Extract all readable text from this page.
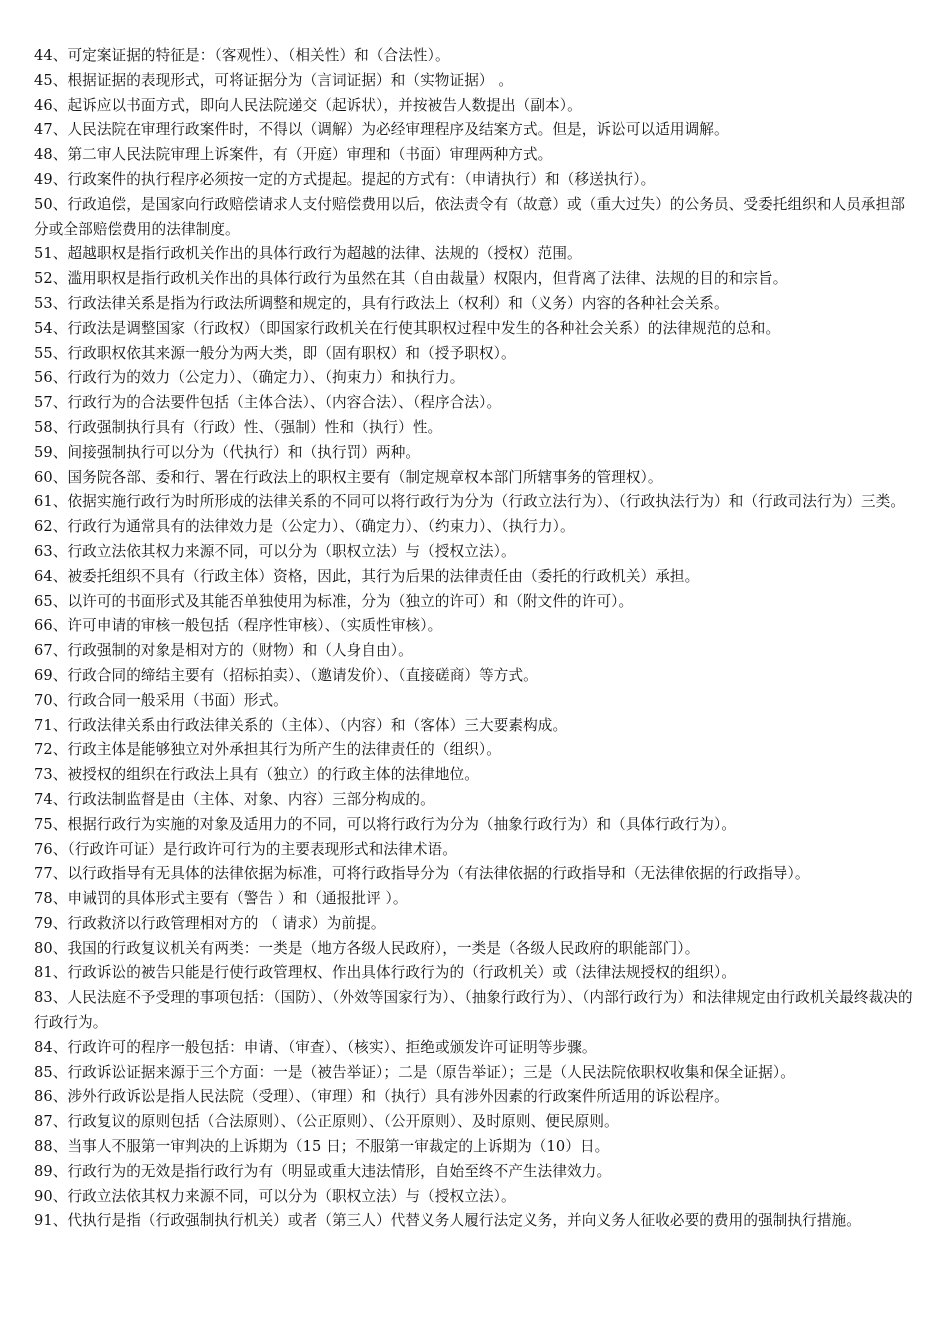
44、可定案证据的特征是：（客观性）、（相关性）和（合法性）。

45、根据证据的表现形式，可将证据分为（言词证据）和（实物证据） 。

46、起诉应以书面方式，即向人民法院递交（起诉状），并按被告人数提出（副本）。

47、人民法院在审理行政案件时，不得以（调解）为必经审理程序及结案方式。但是，诉讼可以适用调解。

48、第二审人民法院审理上诉案件，有（开庭）审理和（书面）审理两种方式。

49、行政案件的执行程序必须按一定的方式提起。提起的方式有：（申请执行）和（移送执行）。

50、行政追偿，是国家向行政赔偿请求人支付赔偿费用以后，依法责令有（故意）或（重大过失）的公务员、受委托组织和人员承担部分或全部赔偿费用的法律制度。

51、超越职权是指行政机关作出的具体行政行为超越的法律、法规的（授权）范围。

52、滥用职权是指行政机关作出的具体行政行为虽然在其（自由裁量）权限内，但背离了法律、法规的目的和宗旨。

53、行政法律关系是指为行政法所调整和规定的，具有行政法上（权利）和（义务）内容的各种社会关系。

54、行政法是调整国家（行政权）（即国家行政机关在行使其职权过程中发生的各种社会关系）的法律规范的总和。

55、行政职权依其来源一般分为两大类，即（固有职权）和（授予职权）。

56、行政行为的效力（公定力）、（确定力）、（拘束力）和执行力。

57、行政行为的合法要件包括（主体合法）、（内容合法）、（程序合法）。

58、行政强制执行具有（行政）性、（强制）性和（执行）性。

59、间接强制执行可以分为（代执行）和（执行罚）两种。

60、国务院各部、委和行、署在行政法上的职权主要有（制定规章权本部门所辖事务的管理权）。

61、依据实施行政行为时所形成的法律关系的不同可以将行政行为分为（行政立法行为）、（行政执法行为）和（行政司法行为）三类。

62、行政行为通常具有的法律效力是（公定力）、（确定力）、（约束力）、（执行力）。

63、行政立法依其权力来源不同，可以分为（职权立法）与（授权立法）。

64、被委托组织不具有（行政主体）资格，因此，其行为后果的法律责任由（委托的行政机关）承担。

65、以许可的书面形式及其能否单独使用为标准，分为（独立的许可）和（附文件的许可）。

66、许可申请的审核一般包括（程序性审核）、（实质性审核）。

67、行政强制的对象是相对方的（财物）和（人身自由）。

69、行政合同的缔结主要有（招标拍卖）、（邀请发价）、（直接磋商）等方式。

70、行政合同一般采用（书面）形式。

71、行政法律关系由行政法律关系的（主体）、（内容）和（客体）三大要素构成。

72、行政主体是能够独立对外承担其行为所产生的法律责任的（组织）。

73、被授权的组织在行政法上具有（独立）的行政主体的法律地位。

74、行政法制监督是由（主体、对象、内容）三部分构成的。

75、根据行政行为实施的对象及适用力的不同，可以将行政行为分为（抽象行政行为）和（具体行政行为）。

76、（行政许可证）是行政许可行为的主要表现形式和法律术语。

77、以行政指导有无具体的法律依据为标准，可将行政指导分为（有法律依据的行政指导和（无法律依据的行政指导）。

78、申诫罚的具体形式主要有（警告 ）和（通报批评 ）。

79、行政救济以行政管理相对方的 （ 请求）为前提。

80、我国的行政复议机关有两类：一类是（地方各级人民政府），一类是（各级人民政府的职能部门）。

81、行政诉讼的被告只能是行使行政管理权、作出具体行政行为的（行政机关）或（法律法规授权的组织）。

83、人民法庭不予受理的事项包括：（国防）、（外效等国家行为）、（抽象行政行为）、（内部行政行为）和法律规定由行政机关最终裁决的行政行为。

84、行政许可的程序一般包括：申请、（审查）、（核实）、拒绝或颁发许可证明等步骤。

85、行政诉讼证据来源于三个方面：一是（被告举证）；二是（原告举证）；三是（人民法院依职权收集和保全证据）。

86、涉外行政诉讼是指人民法院（受理）、（审理）和（执行）具有涉外因素的行政案件所适用的诉讼程序。

87、行政复议的原则包括（合法原则）、（公正原则）、（公开原则）、及时原则、便民原则。

88、当事人不服第一审判决的上诉期为（15 日；不服第一审裁定的上诉期为（10）日。

89、行政行为的无效是指行政行为有（明显或重大违法情形，自始至终不产生法律效力。

90、行政立法依其权力来源不同，可以分为（职权立法）与（授权立法）。

91、代执行是指（行政强制执行机关）或者（第三人）代替义务人履行法定义务，并向义务人征收必要的费用的强制执行措施。
